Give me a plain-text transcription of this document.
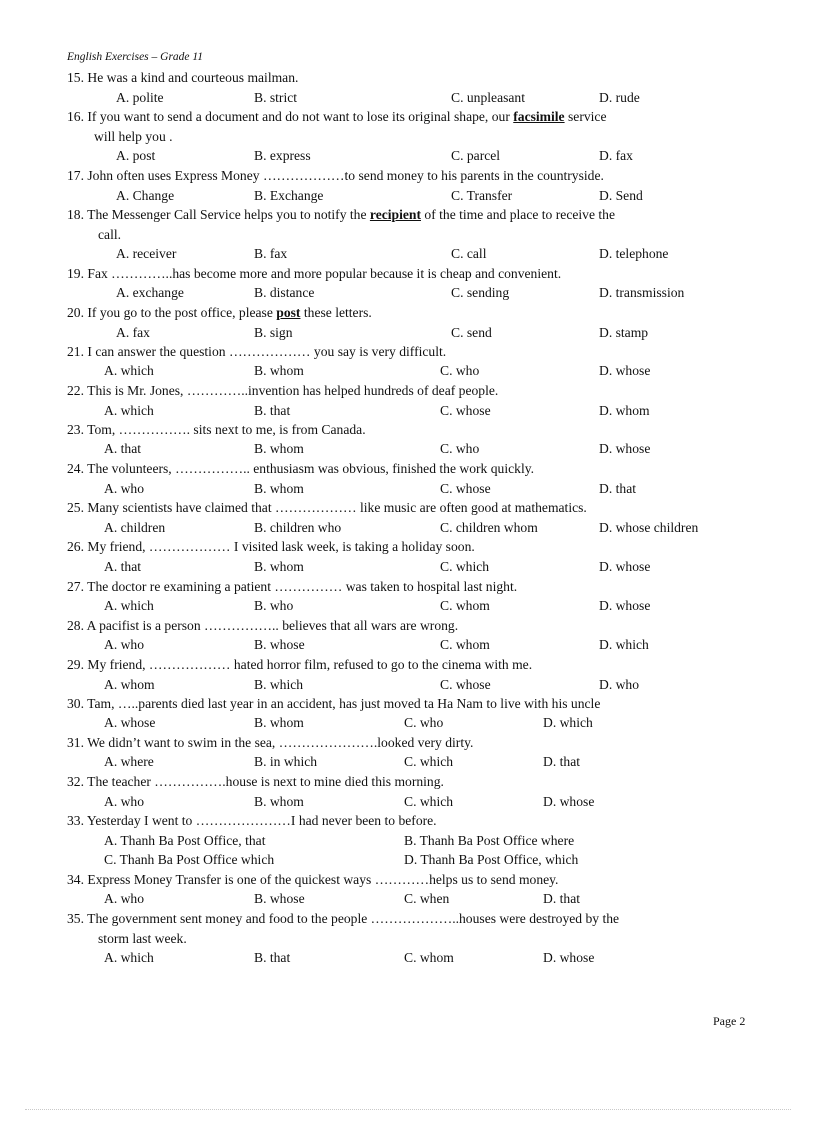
English Exercises – Grade 11
15. He was a kind and courteous mailman.
A. polite	B. strict	C. unpleasant	D. rude
16. If you want to send a document and do not want to lose its original shape, our facsimile service
will help you .
A. post	B. express	C. parcel	D. fax
17. John often uses Express Money ………………to send money to his parents in the countryside.
A. Change	B. Exchange	C. Transfer	D. Send
18. The Messenger Call Service helps you to notify the recipient of the time and place to receive the
call.
A. receiver	B. fax	C. call	D. telephone
19. Fax …………..has become more and more popular because it is cheap and convenient.
A. exchange	B. distance	C. sending	D. transmission
20. If you go to the post office, please post these letters.
A. fax	B. sign	C. send	D. stamp
21. I can answer the question ……………… you say is very difficult.
A. which	B. whom	C. who	D. whose
22. This is Mr. Jones, …………..invention has helped hundreds of deaf people.
A. which	B. that	C. whose	D. whom
23. Tom, ……………. sits next to me, is from Canada.
A. that	B. whom	C. who	D. whose
24. The volunteers, …………….. enthusiasm was obvious, finished the work quickly.
A. who	B. whom	C. whose	D. that
25. Many scientists have claimed that ……………… like music are often good at mathematics.
A. children	B. children who	C. children whom	D. whose children
26. My friend, ……………… I visited lask week, is taking a holiday soon.
A. that	B. whom	C. which	D. whose
27. The doctor re examining a patient …………… was taken to hospital last night.
A. which	B. who	C. whom	D. whose
28. A pacifist is a person …………….. believes that all wars are wrong.
A. who	B. whose	C. whom	D. which
29. My friend, ……………… hated horror film, refused to go to the cinema with me.
A. whom	B. which	C. whose	D. who
30. Tam, …..parents died last year in an accident, has just moved ta Ha Nam to live with his uncle
A. whose	B. whom	C. who	D. which
31. We didn’t want to swim in the sea, ………………….looked very dirty.
A. where	B. in which	C. which	D. that
32. The teacher …………….house is next to mine died this morning.
A. who	B. whom	C. which	D. whose
33. Yesterday I went to …………………I had never been to before.
A. Thanh Ba Post Office, that	B. Thanh Ba Post Office where
C. Thanh Ba Post Office which	D. Thanh Ba Post Office, which
34. Express Money Transfer is one of the quickest ways …………helps us to send money.
A. who	B. whose	C. when	D. that
35. The government sent money and food to the people ………………..houses were destroyed by the
storm last week.
A. which	B. that	C. whom	D. whose
Page 2
